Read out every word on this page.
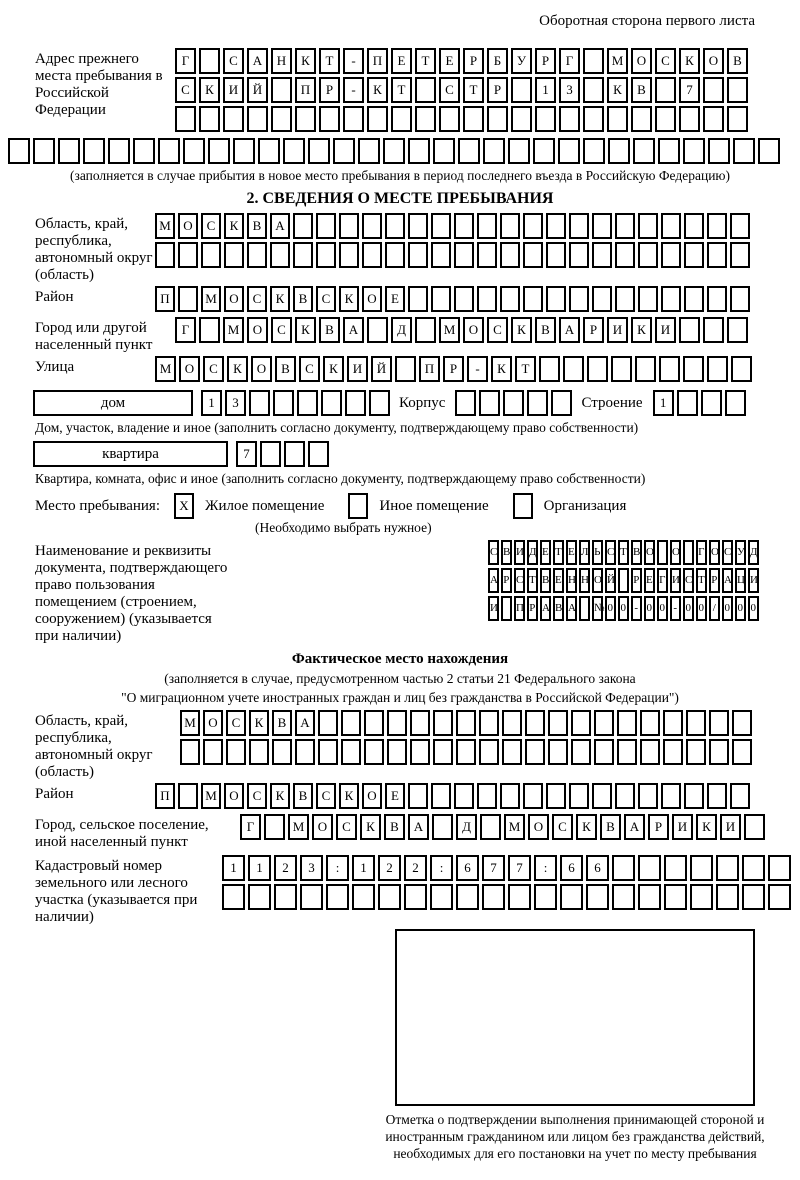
Оборотная сторона первого листа
Адрес прежнего места пребывания в Российской Федерации
Г	С	А	Н	К	Т	-	П	Е	Т	Е	Р	Б	У	Р	Г	М	О	С	К	О	В
С	К	И	Й	П	Р	-	К	Т	С	Т	Р	1	3	К	В	7
(заполняется в случае прибытия в новое место пребывания в период последнего въезда в Российскую Федерацию)
2. СВЕДЕНИЯ О МЕСТЕ ПРЕБЫВАНИЯ
Область, край, республика, автономный округ (область)
М О	С	К	В	А
Район	П	М О	С	К	В	С	К	О	Е
Город или другой населенный пункт
Г	М	О	С	К	В	А	Д	М	О	С	К	В	А	Р	И	К	И
Улица	М	О	С	К	О	В	С	К	И	Й	П	Р	-	К	Т
дом	1	3	Корпус	Строение	1
Дом, участок, владение и иное (заполнить согласно документу, подтверждающему право собственности)
квартира	7
Квартира, комната, офис и иное (заполнить согласно документу, подтверждающему право собственности)
Место пребывания:	X	Жилое помещение	Иное помещение	Организация
(Необходимо выбрать нужное)
Наименование и реквизиты документа, подтверждающего право пользования помещением (строением, сооружением) (указывается при наличии)
С В И Д Е Т Е Л Ь С Т В О О Г О С У Д
А Р С Т В Е Н Н О Й Р Е Г И С Т Р А Ц И
И П Р А В А № 0 0 - 0 0 - 0 0 / 0 0 0
Фактическое место нахождения
(заполняется в случае, предусмотренном частью 2 статьи 21 Федерального закона
"О миграционном учете иностранных граждан и лиц без гражданства в Российской Федерации")
Область, край, республика, автономный округ (область)
М О	С	К	В	А
Район	П	М О	С	К	В	С	К	О	Е
Город, сельское поселение, иной населенный пункт
Г	М	О	С	К	В	А	Д	М	О	С	К	В	А	Р	И	К	И
Кадастровый номер земельного или лесного участка (указывается при наличии)
1	1	2	3	:	1	2	2	:	6	7	7	:	6	6
Отметка о подтверждении выполнения принимающей стороной и иностранным гражданином или лицом без гражданства действий, необходимых для его постановки на учет по месту пребывания
